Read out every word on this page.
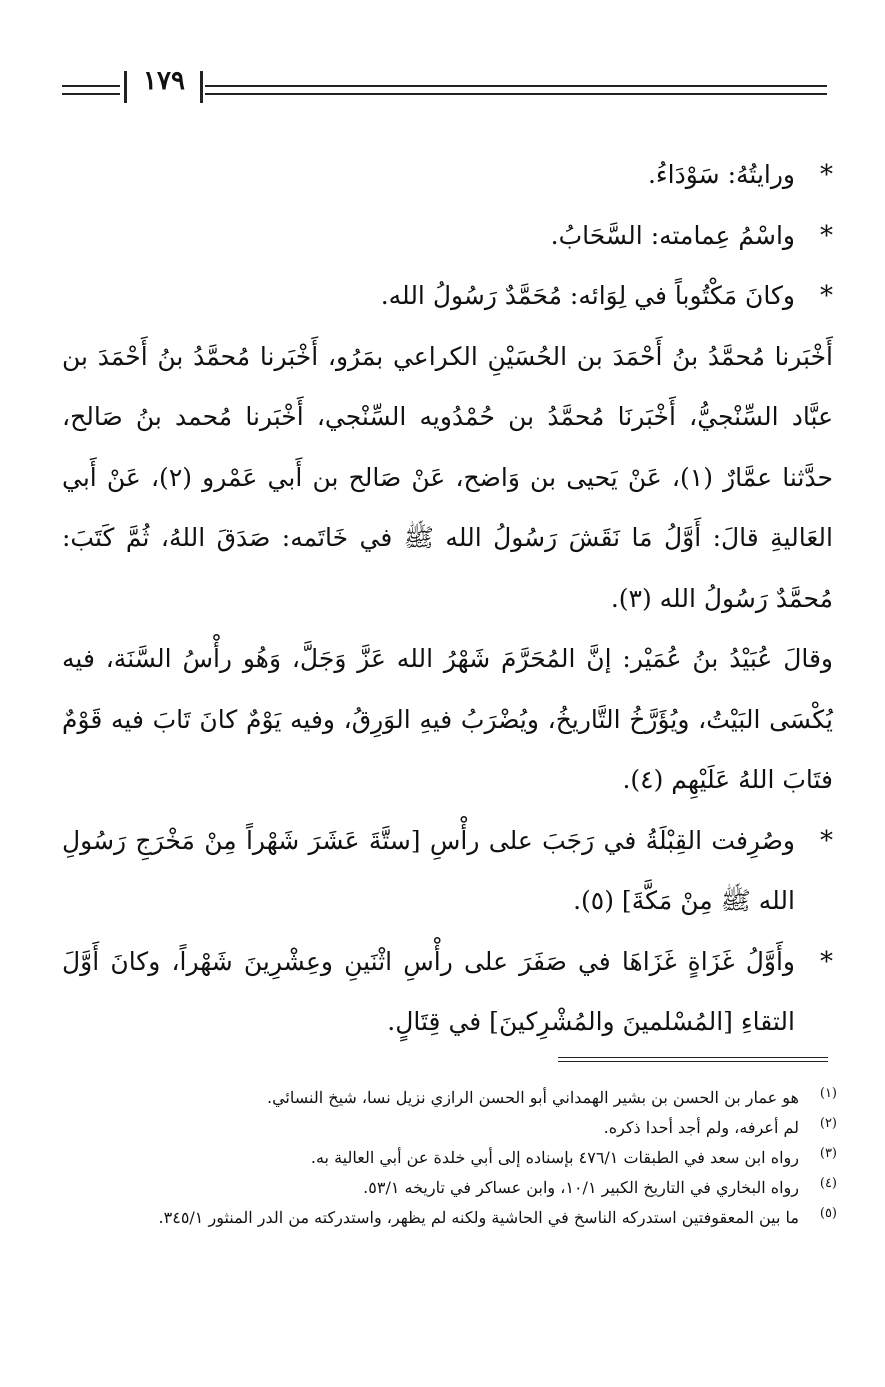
١٧٩

*
ورايتُهُ: سَوْدَاءُ.

*
واسْمُ عِمامته: السَّحَابُ.

*
وكانَ مَكْتُوباً في لِوَائه: مُحَمَّدٌ رَسُولُ الله.

أَخْبَرنا مُحمَّدُ بنُ أَحْمَدَ بن الحُسَيْنِ الكراعي بمَرُو، أَخْبَرنا مُحمَّدُ بنُ أَحْمَدَ بن عبَّاد السِّنْجيُّ، أَخْبَرنَا مُحمَّدُ بن حُمْدُويه السِّنْجي، أَخْبَرنا مُحمد بنُ صَالح، حدَّثنا عمَّارٌ (١)، عَنْ يَحيى بن وَاضح، عَنْ صَالح بن أَبي عَمْرو (٢)، عَنْ أَبي العَاليةِ قالَ: أَوَّلُ مَا نَقَشَ رَسُولُ الله ﷺ في خَاتَمه: صَدَقَ اللهُ، ثُمَّ كَتَبَ: مُحمَّدٌ رَسُولُ الله (٣).

وقالَ عُبَيْدُ بنُ عُمَيْر: إنَّ المُحَرَّمَ شَهْرُ الله عَزَّ وَجَلَّ، وَهُو رأْسُ السَّنَة، فيه يُكْسَى البَيْتُ، ويُؤَرَّخُ التَّاريخُ، ويُضْرَبُ فيهِ الوَرِقُ، وفيه يَوْمٌ كانَ تَابَ فيه قَوْمٌ فتَابَ اللهُ عَلَيْهِم (٤).

*
وصُرِفت القِبْلَةُ في رَجَبَ على رأْسِ [ستَّةَ عَشَرَ شَهْراً مِنْ مَخْرَجِ رَسُولِ الله ﷺ مِنْ مَكَّةَ] (٥).

*
وأَوَّلُ غَزَاةٍ غَزَاهَا في صَفَرَ على رأْسِ اثْنَينِ وعِشْرِينَ شَهْراً، وكانَ أَوَّلَ التقاءِ [المُسْلمينَ والمُشْرِكينَ] في قِتَالٍ.

(١)
هو عمار بن الحسن بن بشير الهمداني أبو الحسن الرازي نزيل نسا، شيخ النسائي.
(٢)
لم أعرفه، ولم أجد أحدا ذكره.
(٣)
رواه ابن سعد في الطبقات ٤٧٦/١ بإسناده إلى أبي خلدة عن أبي العالية به.
(٤)
رواه البخاري في التاريخ الكبير ١٠/١، وابن عساكر في تاريخه ٥٣/١.
(٥)
ما بين المعقوفتين استدركه الناسخ في الحاشية ولكنه لم يظهر، واستدركته من الدر المنثور ٣٤٥/١.
